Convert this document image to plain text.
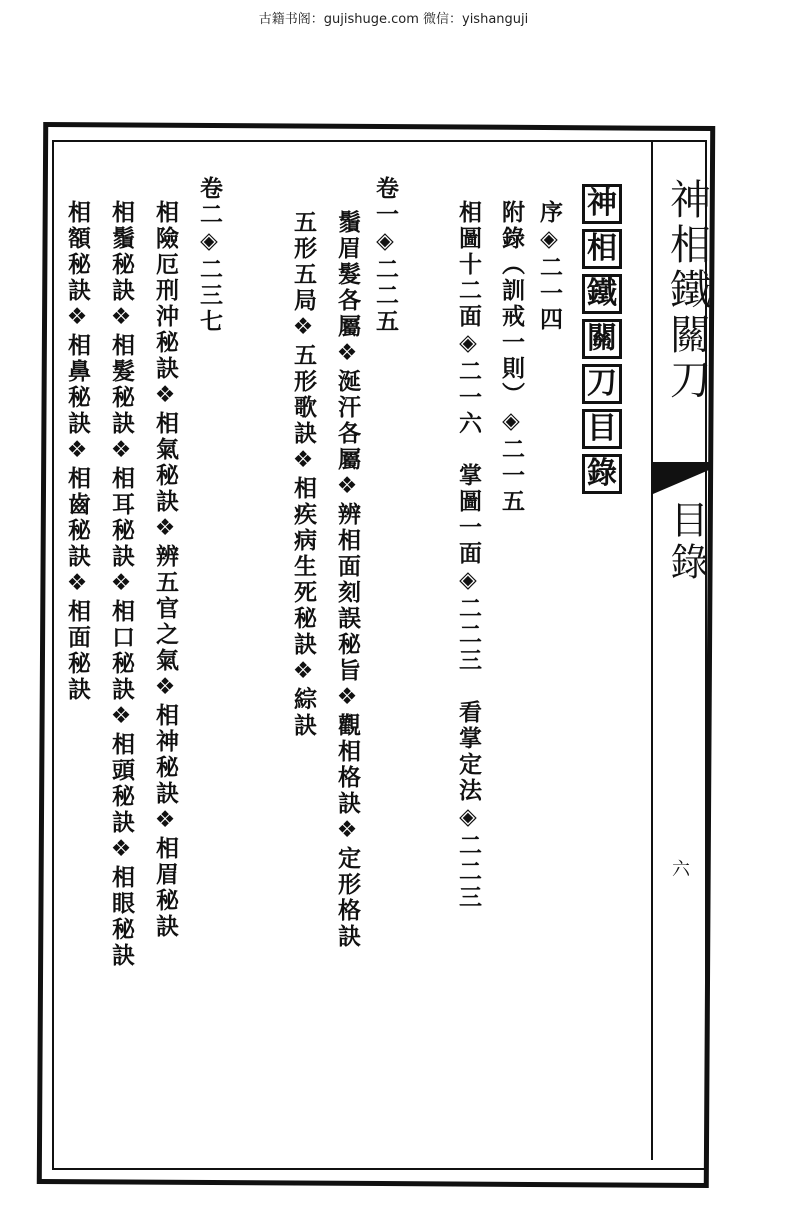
古籍书阁：gujishuge.com 微信：yishanguji
神相鐵關刀
目錄
六
神
相
鐵
關
刀
目
錄
序◈二一四
附錄（訓戒一則）◈二一五
相圖十二面◈二一六　掌圖一面◈二二三　看掌定法◈二二三
卷一◈二二五
鬚眉髮各屬❖涎汗各屬❖辨相面刻誤秘旨❖觀相格訣❖定形格訣
五形五局❖五形歌訣❖相疾病生死秘訣❖綜訣
卷二◈二三七
相險厄刑沖秘訣❖相氣秘訣❖辨五官之氣❖相神秘訣❖相眉秘訣
相鬚秘訣❖相髮秘訣❖相耳秘訣❖相口秘訣❖相頭秘訣❖相眼秘訣
相額秘訣❖相鼻秘訣❖相齒秘訣❖相面秘訣
